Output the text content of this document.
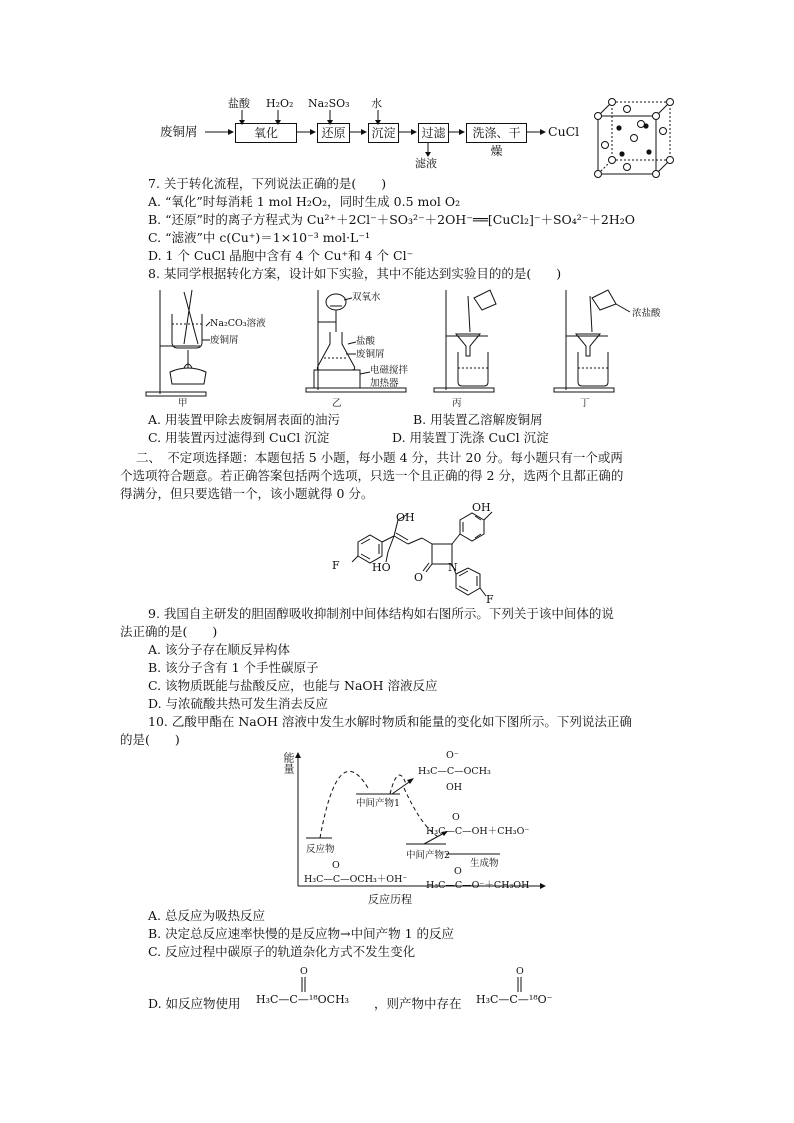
废铜屑
盐酸 H₂O₂ Na₂SO₃ 水
氧化	还原	沉淀 过滤	洗涤、干燥
CuCl
滤液
7. 关于转化流程，下列说法正确的是(　　)
A. “氧化”时每消耗 1 mol H₂O₂，同时生成 0.5 mol O₂
B. “还原”时的离子方程式为 Cu²⁺＋2Cl⁻＋SO₃²⁻＋2OH⁻══[CuCl₂]⁻＋SO₄²⁻＋2H₂O
C. “滤液”中 c(Cu⁺)＝1×10⁻³ mol·L⁻¹
D. 1 个 CuCl 晶胞中含有 4 个 Cu⁺和 4 个 Cl⁻
8. 某同学根据转化方案，设计如下实验，其中不能达到实验目的的是(　　)
Na₂CO₃溶液
废铜屑
双氧水
盐酸
废铜屑
电磁搅拌
加热器
浓盐酸
甲	乙	丙	丁
A. 用装置甲除去废铜屑表面的油污	B. 用装置乙溶解废铜屑
C. 用装置丙过滤得到 CuCl 沉淀	D. 用装置丁洗涤 CuCl 沉淀
二、　不定项选择题：本题包括 5 小题，每小题 4 分，共计 20 分。每小题只有一个或两
个选项符合题意。若正确答案包括两个选项，只选一个且正确的得 2 分，选两个且都正确的
得满分，但只要选错一个，该小题就得 0 分。
OH
OH
F	HO	N
O
F
9. 我国自主研发的胆固醇吸收抑制剂中间体结构如右图所示。下列关于该中间体的说
法正确的是(　　)
A. 该分子存在顺反异构体
B. 该分子含有 1 个手性碳原子
C. 该物质既能与盐酸反应，也能与 NaOH 溶液反应
D. 与浓硫酸共热可发生消去反应
10. 乙酸甲酯在 NaOH 溶液中发生水解时物质和能量的变化如下图所示。下列说法正确
的是(　　)
能量
反应历程
反应物
中间产物1
中间产物2
生成物
O⁻
H₃C—C—OCH₃
OH
O
H₃C—C—OH＋CH₃O⁻
O
H₃C—C—OCH₃＋OH⁻
O
H₃C—C—O⁻＋CH₃OH
A. 总反应为吸热反应
B. 决定总反应速率快慢的是反应物→中间产物 1 的反应
C. 反应过程中碳原子的轨道杂化方式不发生变化
D. 如反应物使用
O
H₃C—C—¹⁸OCH₃ ，则产物中存在
O
H₃C—C—¹⁸O⁻
